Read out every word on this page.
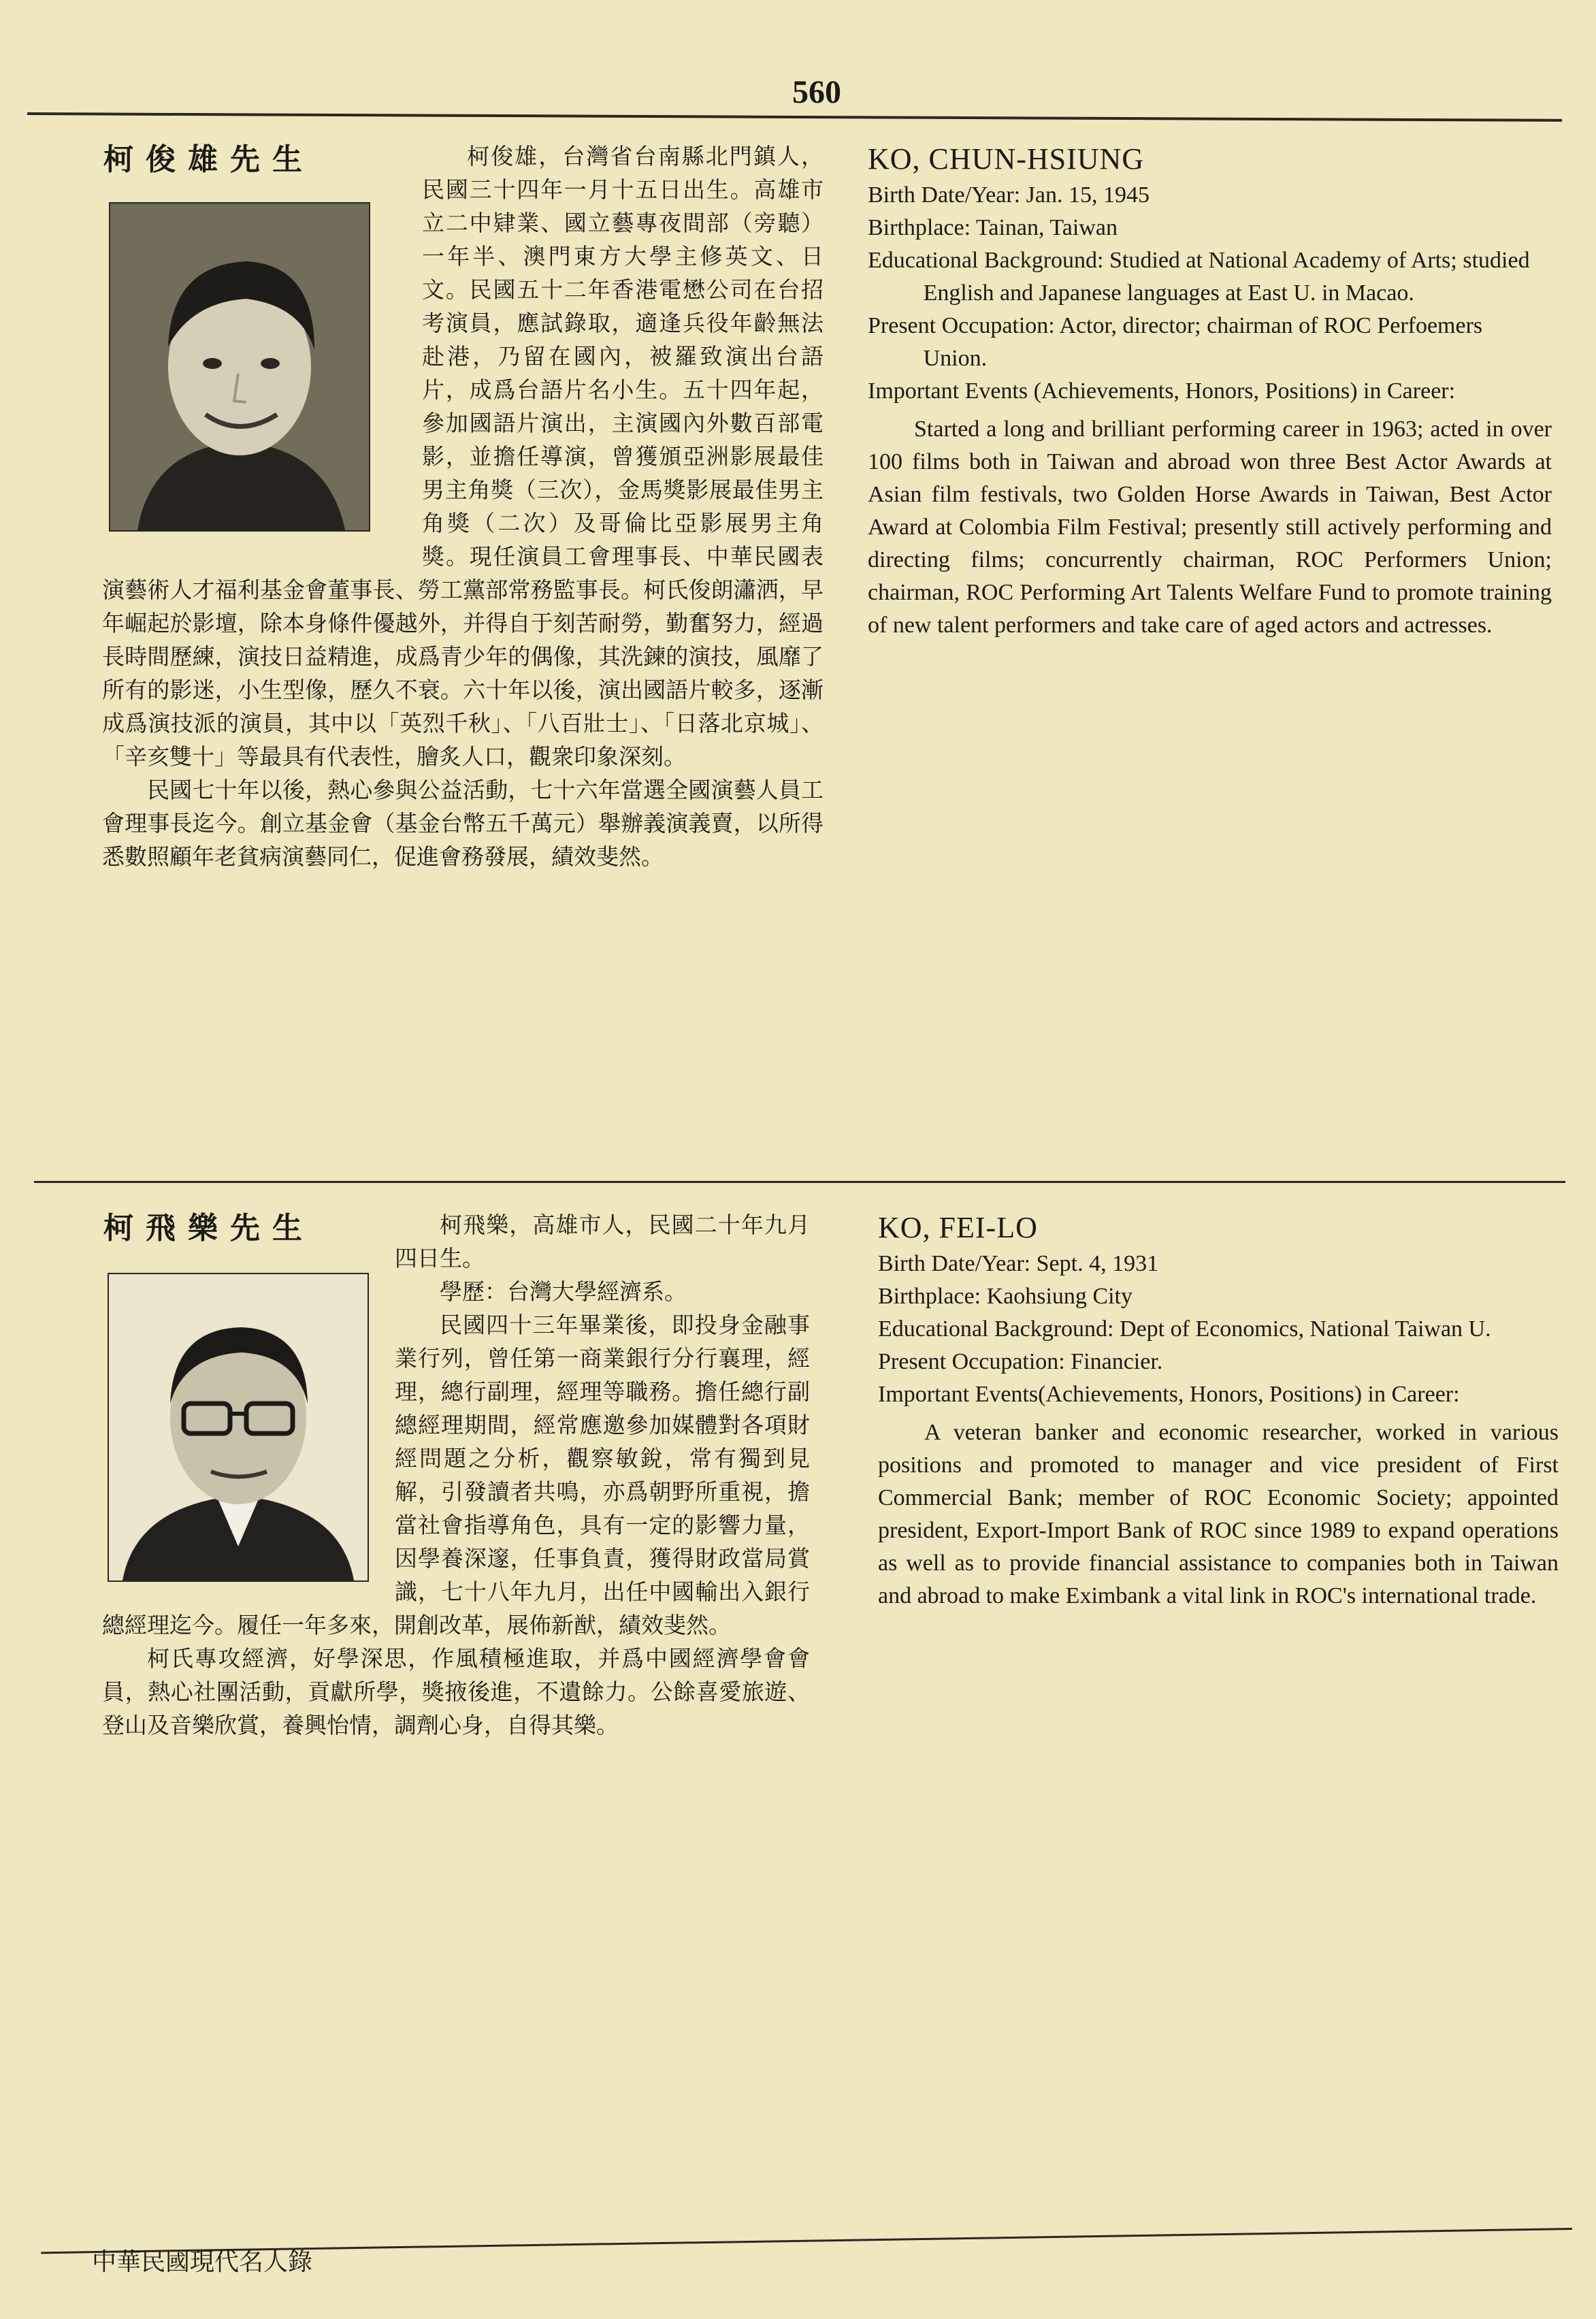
560

柯俊雄，台灣省台南縣北門鎮人，民國三十四年一月十五日出生。高雄市立二中肄業、國立藝專夜間部（旁聽）一年半、澳門東方大學主修英文、日文。民國五十二年香港電懋公司在台招考演員，應試錄取，適逢兵役年齡無法赴港，乃留在國內，被羅致演出台語片，成爲台語片名小生。五十四年起，參加國語片演出，主演國內外數百部電影，並擔任導演，曾獲頒亞洲影展最佳男主角獎（三次），金馬獎影展最佳男主角獎（二次）及哥倫比亞影展男主角獎。現任演員工會理事長、中華民國表演藝術人才福利基金會董事長、勞工黨部常務監事長。柯氏俊朗瀟洒，早年崛起於影壇，除本身條件優越外，并得自于刻苦耐勞，勤奮努力，經過長時間歷練，演技日益精進，成爲青少年的偶像，其洗鍊的演技，風靡了所有的影迷，小生型像，歷久不衰。六十年以後，演出國語片較多，逐漸成爲演技派的演員，其中以「英烈千秋」、「八百壯士」、「日落北京城」、「辛亥雙十」等最具有代表性，膾炙人口，觀衆印象深刻。

民國七十年以後，熱心參與公益活動，七十六年當選全國演藝人員工會理事長迄今。創立基金會（基金台幣五千萬元）舉辦義演義賣，以所得悉數照顧年老貧病演藝同仁，促進會務發展，績效斐然。

柯俊雄先生	KO, CHUN-HSIUNG

Birth Date/Year: Jan. 15, 1945

Birthplace: Tainan, Taiwan

Educational Background: Studied at National Academy of Arts; studied English and Japanese languages at East U. in Macao.

Present Occupation: Actor, director; chairman of ROC Perfoemers Union.

Important Events (Achievements, Honors, Positions) in Career:

Started a long and brilliant performing career in 1963; acted in over 100 films both in Taiwan and abroad won three Best Actor Awards at Asian film festivals, two Golden Horse Awards in Taiwan, Best Actor Award at Colombia Film Festival; presently still actively performing and directing films; concurrently chairman, ROC Performers Union; chairman, ROC Performing Art Talents Welfare Fund to promote training of new talent performers and take care of aged actors and actresses.

柯飛樂，高雄市人，民國二十年九月四日生。

學歷：台灣大學經濟系。

民國四十三年畢業後，即投身金融事業行列，曾任第一商業銀行分行襄理，經理，總行副理，經理等職務。擔任總行副總經理期間，經常應邀參加媒體對各項財經問題之分析，觀察敏銳，常有獨到見解，引發讀者共鳴，亦爲朝野所重視，擔當社會指導角色，具有一定的影響力量，因學養深邃，任事負責，獲得財政當局賞識，七十八年九月，出任中國輸出入銀行總經理迄今。履任一年多來，開創改革，展佈新猷，績效斐然。

柯氏專攻經濟，好學深思，作風積極進取，并爲中國經濟學會會員，熱心社團活動，貢獻所學，獎掖後進，不遺餘力。公餘喜愛旅遊、登山及音樂欣賞，養興怡情，調劑心身，自得其樂。

柯飛樂先生	KO, FEI-LO

Birth Date/Year: Sept. 4, 1931

Birthplace: Kaohsiung City

Educational Background: Dept of Economics, National Taiwan U.

Present Occupation: Financier.

Important Events(Achievements, Honors, Positions) in Career:

A veteran banker and economic researcher, worked in various positions and promoted to manager and vice president of First Commercial Bank; member of ROC Economic Society; appointed president, Export-Import Bank of ROC since 1989 to expand operations as well as to provide financial assistance to companies both in Taiwan and abroad to make Eximbank a vital link in ROC's international trade.

中華民國現代名人錄
